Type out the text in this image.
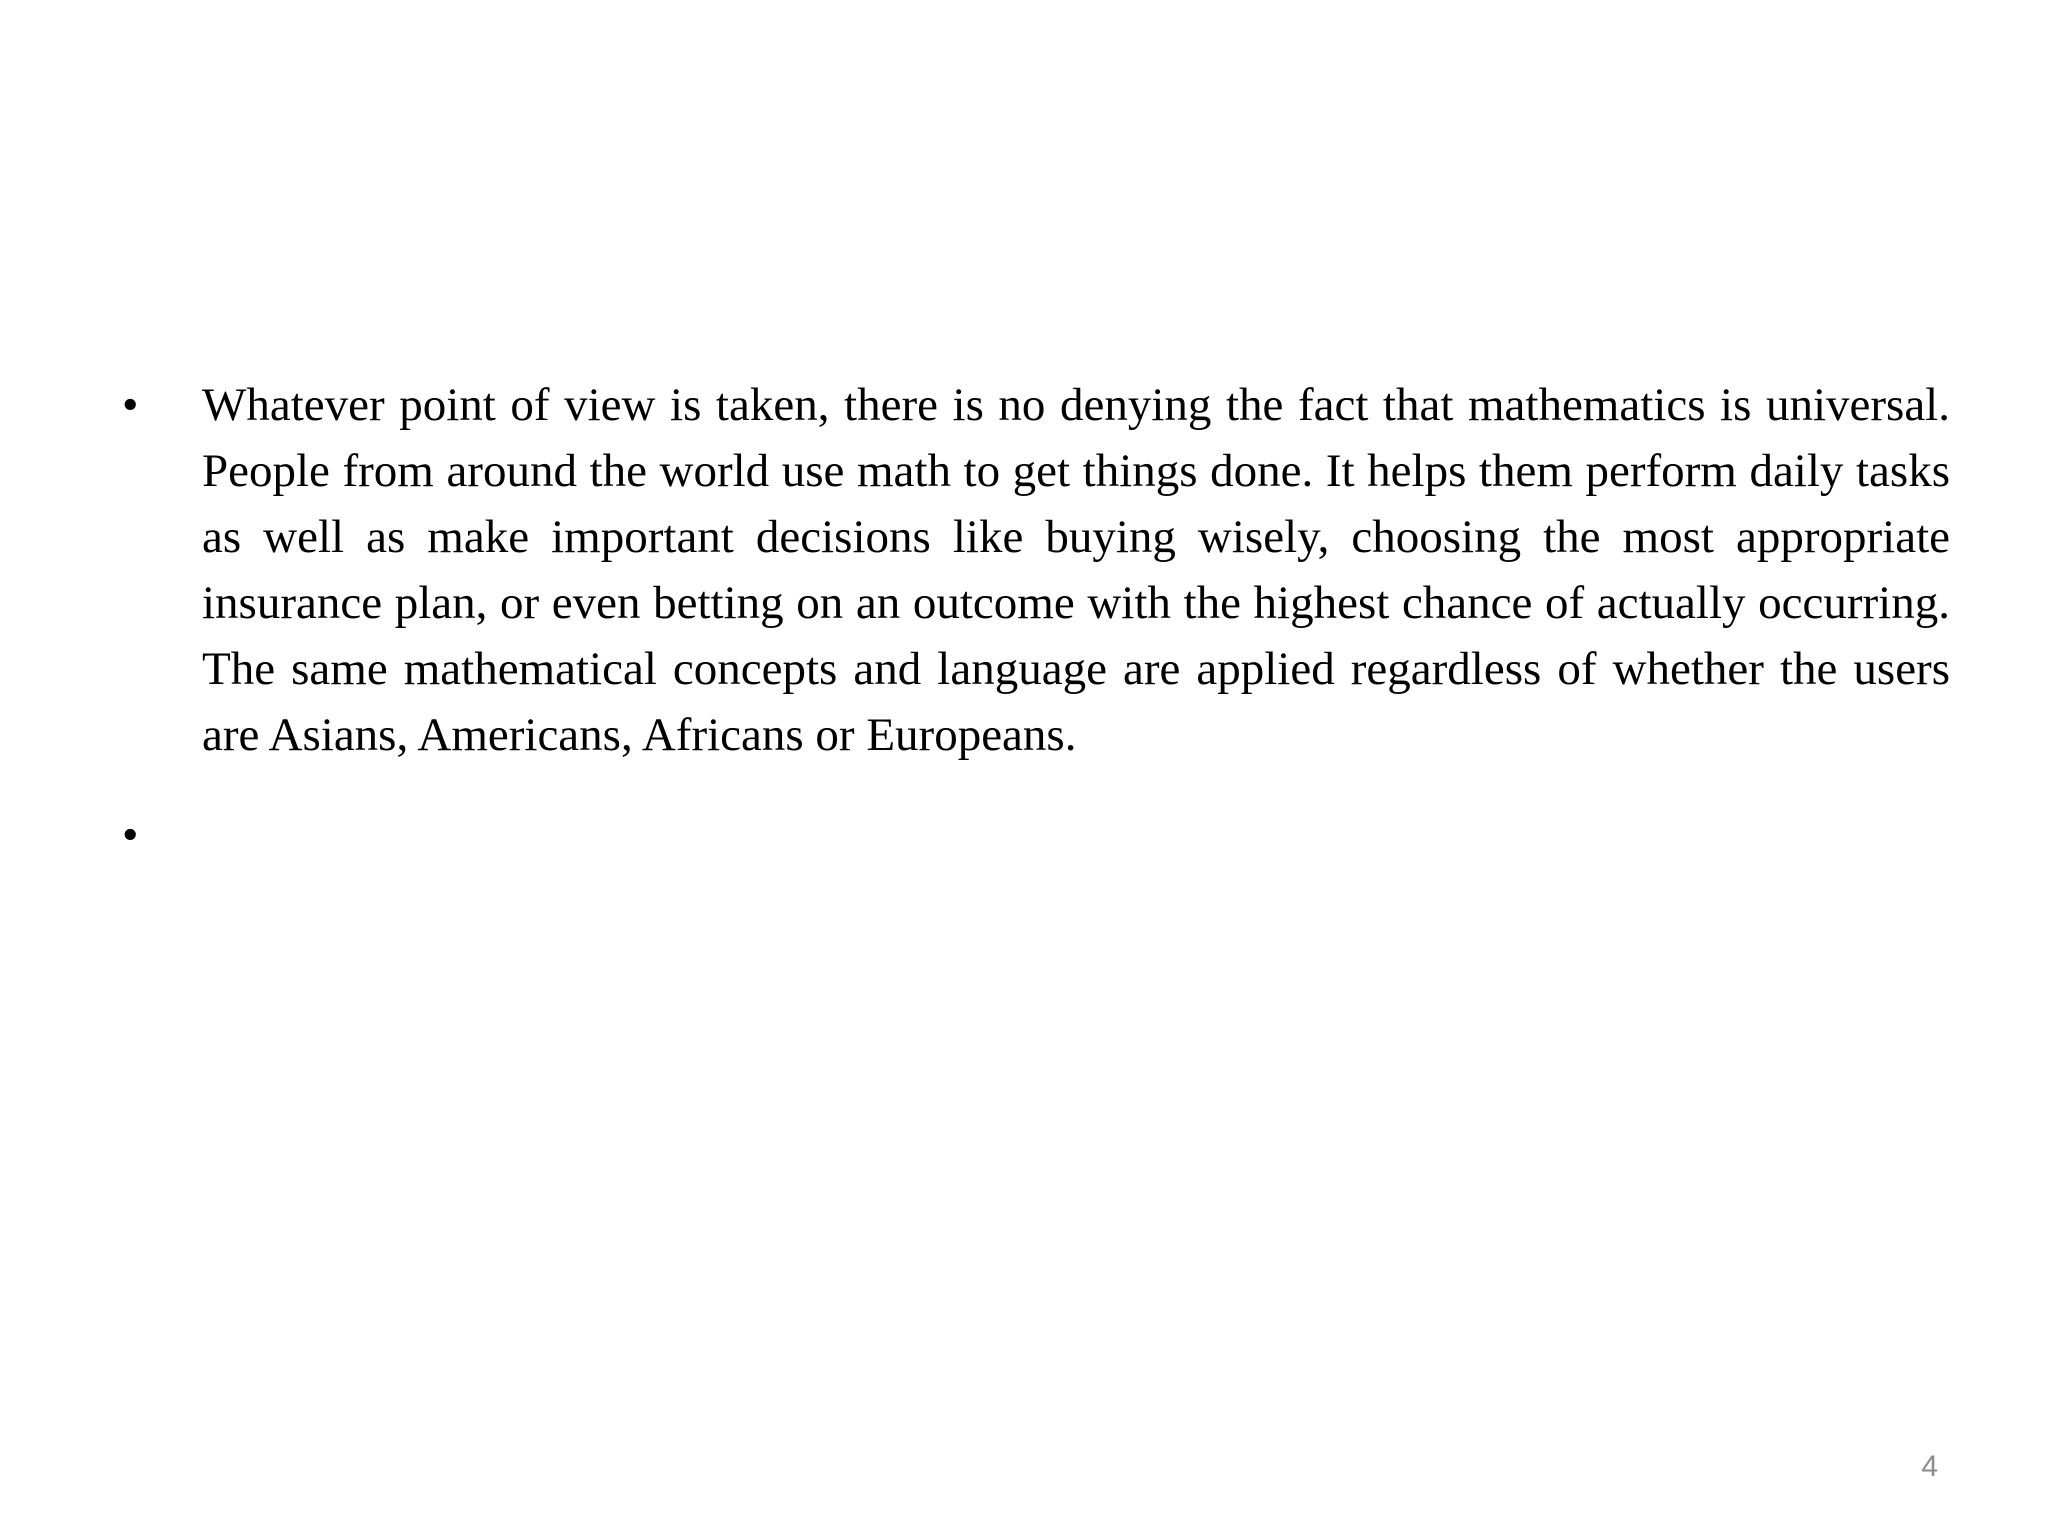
• Whatever point of view is taken, there is no denying the fact that mathematics is universal. People from around the world use math to get things done. It helps them perform daily tasks as well as make important decisions like buying wisely, choosing the most appropriate insurance plan, or even betting on an outcome with the highest chance of actually occurring. The same mathematical concepts and language are applied regardless of whether the users are Asians, Americans, Africans or Europeans.
•
4
